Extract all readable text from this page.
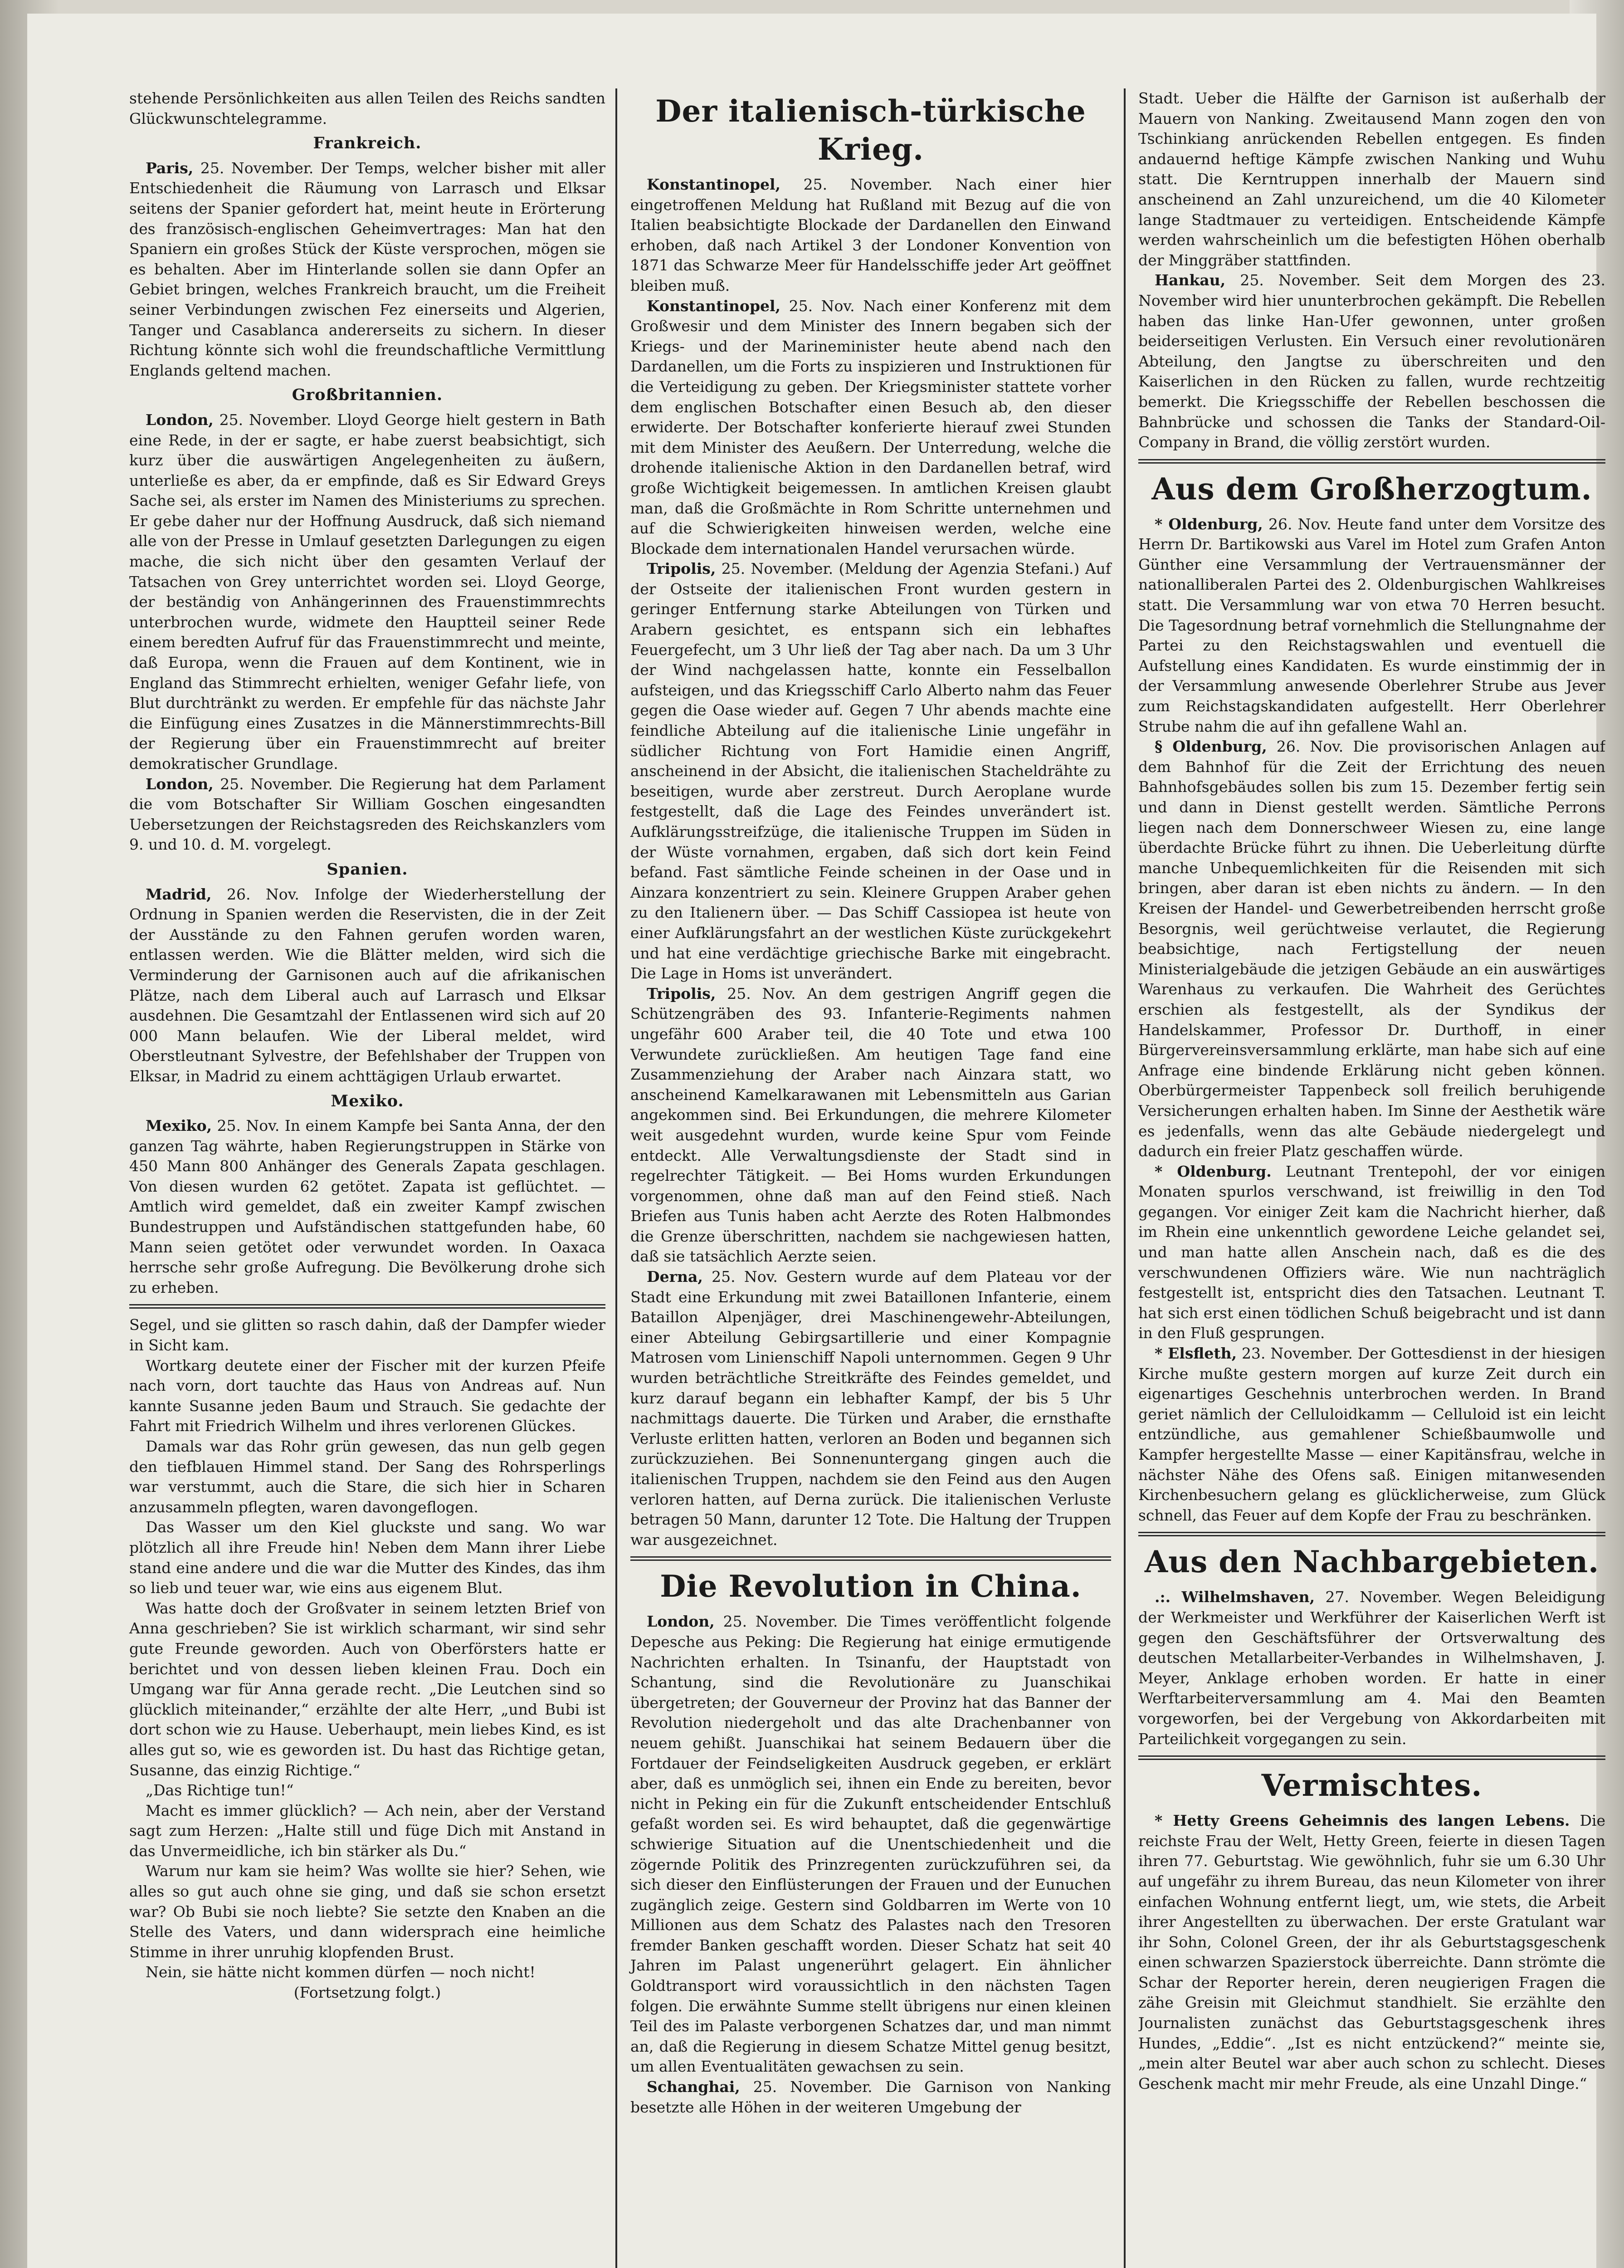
stehende Persönlichkeiten aus allen Teilen des Reichs sandten Glückwunschtelegramme.

Frankreich.

Paris, 25. November. Der Temps, welcher bisher mit aller Entschiedenheit die Räumung von Larrasch und Elksar seitens der Spanier gefordert hat, meint heute in Erörterung des französisch-englischen Geheimvertrages: Man hat den Spaniern ein großes Stück der Küste versprochen, mögen sie es behalten. Aber im Hinterlande sollen sie dann Opfer an Gebiet bringen, welches Frankreich braucht, um die Freiheit seiner Verbindungen zwischen Fez einerseits und Algerien, Tanger und Casablanca andererseits zu sichern. In dieser Richtung könnte sich wohl die freundschaftliche Vermittlung Englands geltend machen.

Großbritannien.

London, 25. November. Lloyd George hielt gestern in Bath eine Rede, in der er sagte, er habe zuerst beabsichtigt, sich kurz über die auswärtigen Angelegenheiten zu äußern, unterließe es aber, da er empfinde, daß es Sir Edward Greys Sache sei, als erster im Namen des Ministeriums zu sprechen. Er gebe daher nur der Hoffnung Ausdruck, daß sich niemand alle von der Presse in Umlauf gesetzten Darlegungen zu eigen mache, die sich nicht über den gesamten Verlauf der Tatsachen von Grey unterrichtet worden sei. Lloyd George, der beständig von Anhängerinnen des Frauenstimmrechts unterbrochen wurde, widmete den Hauptteil seiner Rede einem beredten Aufruf für das Frauenstimmrecht und meinte, daß Europa, wenn die Frauen auf dem Kontinent, wie in England das Stimmrecht erhielten, weniger Gefahr liefe, von Blut durchtränkt zu werden. Er empfehle für das nächste Jahr die Einfügung eines Zusatzes in die Männerstimmrechts-Bill der Regierung über ein Frauenstimmrecht auf breiter demokratischer Grundlage.

London, 25. November. Die Regierung hat dem Parlament die vom Botschafter Sir William Goschen eingesandten Uebersetzungen der Reichstagsreden des Reichskanzlers vom 9. und 10. d. M. vorgelegt.

Spanien.

Madrid, 26. Nov. Infolge der Wiederherstellung der Ordnung in Spanien werden die Reservisten, die in der Zeit der Ausstände zu den Fahnen gerufen worden waren, entlassen werden. Wie die Blätter melden, wird sich die Verminderung der Garnisonen auch auf die afrikanischen Plätze, nach dem Liberal auch auf Larrasch und Elksar ausdehnen. Die Gesamtzahl der Entlassenen wird sich auf 20 000 Mann belaufen. Wie der Liberal meldet, wird Oberstleutnant Sylvestre, der Befehlshaber der Truppen von Elksar, in Madrid zu einem achttägigen Urlaub erwartet.

Mexiko.

Mexiko, 25. Nov. In einem Kampfe bei Santa Anna, der den ganzen Tag währte, haben Regierungstruppen in Stärke von 450 Mann 800 Anhänger des Generals Zapata geschlagen. Von diesen wurden 62 getötet. Zapata ist geflüchtet. — Amtlich wird gemeldet, daß ein zweiter Kampf zwischen Bundestruppen und Aufständischen stattgefunden habe, 60 Mann seien getötet oder verwundet worden. In Oaxaca herrsche sehr große Aufregung. Die Bevölkerung drohe sich zu erheben.

Segel, und sie glitten so rasch dahin, daß der Dampfer wieder in Sicht kam.

Wortkarg deutete einer der Fischer mit der kurzen Pfeife nach vorn, dort tauchte das Haus von Andreas auf. Nun kannte Susanne jeden Baum und Strauch. Sie gedachte der Fahrt mit Friedrich Wilhelm und ihres verlorenen Glückes.

Damals war das Rohr grün gewesen, das nun gelb gegen den tiefblauen Himmel stand. Der Sang des Rohrsperlings war verstummt, auch die Stare, die sich hier in Scharen anzusammeln pflegten, waren davongeflogen.

Das Wasser um den Kiel gluckste und sang. Wo war plötzlich all ihre Freude hin! Neben dem Mann ihrer Liebe stand eine andere und die war die Mutter des Kindes, das ihm so lieb und teuer war, wie eins aus eigenem Blut.

Was hatte doch der Großvater in seinem letzten Brief von Anna geschrieben? Sie ist wirklich scharmant, wir sind sehr gute Freunde geworden. Auch von Oberförsters hatte er berichtet und von dessen lieben kleinen Frau. Doch ein Umgang war für Anna gerade recht. „Die Leutchen sind so glücklich miteinander,“ erzählte der alte Herr, „und Bubi ist dort schon wie zu Hause. Ueberhaupt, mein liebes Kind, es ist alles gut so, wie es geworden ist. Du hast das Richtige getan, Susanne, das einzig Richtige.“

„Das Richtige tun!“

Macht es immer glücklich? — Ach nein, aber der Verstand sagt zum Herzen: „Halte still und füge Dich mit Anstand in das Unvermeidliche, ich bin stärker als Du.“

Warum nur kam sie heim? Was wollte sie hier? Sehen, wie alles so gut auch ohne sie ging, und daß sie schon ersetzt war? Ob Bubi sie noch liebte? Sie setzte den Knaben an die Stelle des Vaters, und dann widersprach eine heimliche Stimme in ihrer unruhig klopfenden Brust.

Nein, sie hätte nicht kommen dürfen — noch nicht!

(Fortsetzung folgt.)

Der italienisch-türkische Krieg.

Konstantinopel, 25. November. Nach einer hier eingetroffenen Meldung hat Rußland mit Bezug auf die von Italien beabsichtigte Blockade der Dardanellen den Einwand erhoben, daß nach Artikel 3 der Londoner Konvention von 1871 das Schwarze Meer für Handelsschiffe jeder Art geöffnet bleiben muß.

Konstantinopel, 25. Nov. Nach einer Konferenz mit dem Großwesir und dem Minister des Innern begaben sich der Kriegs- und der Marineminister heute abend nach den Dardanellen, um die Forts zu inspizieren und Instruktionen für die Verteidigung zu geben. Der Kriegsminister stattete vorher dem englischen Botschafter einen Besuch ab, den dieser erwiderte. Der Botschafter konferierte hierauf zwei Stunden mit dem Minister des Aeußern. Der Unterredung, welche die drohende italienische Aktion in den Dardanellen betraf, wird große Wichtigkeit beigemessen. In amtlichen Kreisen glaubt man, daß die Großmächte in Rom Schritte unternehmen und auf die Schwierigkeiten hinweisen werden, welche eine Blockade dem internationalen Handel verursachen würde.

Tripolis, 25. November. (Meldung der Agenzia Stefani.) Auf der Ostseite der italienischen Front wurden gestern in geringer Entfernung starke Abteilungen von Türken und Arabern gesichtet, es entspann sich ein lebhaftes Feuergefecht, um 3 Uhr ließ der Tag aber nach. Da um 3 Uhr der Wind nachgelassen hatte, konnte ein Fesselballon aufsteigen, und das Kriegsschiff Carlo Alberto nahm das Feuer gegen die Oase wieder auf. Gegen 7 Uhr abends machte eine feindliche Abteilung auf die italienische Linie ungefähr in südlicher Richtung von Fort Hamidie einen Angriff, anscheinend in der Absicht, die italienischen Stacheldrähte zu beseitigen, wurde aber zerstreut. Durch Aeroplane wurde festgestellt, daß die Lage des Feindes unverändert ist. Aufklärungsstreifzüge, die italienische Truppen im Süden in der Wüste vornahmen, ergaben, daß sich dort kein Feind befand. Fast sämtliche Feinde scheinen in der Oase und in Ainzara konzentriert zu sein. Kleinere Gruppen Araber gehen zu den Italienern über. — Das Schiff Cassiopea ist heute von einer Aufklärungsfahrt an der westlichen Küste zurückgekehrt und hat eine verdächtige griechische Barke mit eingebracht. Die Lage in Homs ist unverändert.

Tripolis, 25. Nov. An dem gestrigen Angriff gegen die Schützengräben des 93. Infanterie-Regiments nahmen ungefähr 600 Araber teil, die 40 Tote und etwa 100 Verwundete zurückließen. Am heutigen Tage fand eine Zusammenziehung der Araber nach Ainzara statt, wo anscheinend Kamelkarawanen mit Lebensmitteln aus Garian angekommen sind. Bei Erkundungen, die mehrere Kilometer weit ausgedehnt wurden, wurde keine Spur vom Feinde entdeckt. Alle Verwaltungsdienste der Stadt sind in regelrechter Tätigkeit. — Bei Homs wurden Erkundungen vorgenommen, ohne daß man auf den Feind stieß. Nach Briefen aus Tunis haben acht Aerzte des Roten Halbmondes die Grenze überschritten, nachdem sie nachgewiesen hatten, daß sie tatsächlich Aerzte seien.

Derna, 25. Nov. Gestern wurde auf dem Plateau vor der Stadt eine Erkundung mit zwei Bataillonen Infanterie, einem Bataillon Alpenjäger, drei Maschinengewehr-Abteilungen, einer Abteilung Gebirgsartillerie und einer Kompagnie Matrosen vom Linienschiff Napoli unternommen. Gegen 9 Uhr wurden beträchtliche Streitkräfte des Feindes gemeldet, und kurz darauf begann ein lebhafter Kampf, der bis 5 Uhr nachmittags dauerte. Die Türken und Araber, die ernsthafte Verluste erlitten hatten, verloren an Boden und begannen sich zurückzuziehen. Bei Sonnenuntergang gingen auch die italienischen Truppen, nachdem sie den Feind aus den Augen verloren hatten, auf Derna zurück. Die italienischen Verluste betragen 50 Mann, darunter 12 Tote. Die Haltung der Truppen war ausgezeichnet.

Die Revolution in China.

London, 25. November. Die Times veröffentlicht folgende Depesche aus Peking: Die Regierung hat einige ermutigende Nachrichten erhalten. In Tsinanfu, der Hauptstadt von Schantung, sind die Revolutionäre zu Juanschikai übergetreten; der Gouverneur der Provinz hat das Banner der Revolution niedergeholt und das alte Drachenbanner von neuem gehißt. Juanschikai hat seinem Bedauern über die Fortdauer der Feindseligkeiten Ausdruck gegeben, er erklärt aber, daß es unmöglich sei, ihnen ein Ende zu bereiten, bevor nicht in Peking ein für die Zukunft entscheidender Entschluß gefaßt worden sei. Es wird behauptet, daß die gegenwärtige schwierige Situation auf die Unentschiedenheit und die zögernde Politik des Prinzregenten zurückzuführen sei, da sich dieser den Einflüsterungen der Frauen und der Eunuchen zugänglich zeige. Gestern sind Goldbarren im Werte von 10 Millionen aus dem Schatz des Palastes nach den Tresoren fremder Banken geschafft worden. Dieser Schatz hat seit 40 Jahren im Palast ungenerührt gelagert. Ein ähnlicher Goldtransport wird voraussichtlich in den nächsten Tagen folgen. Die erwähnte Summe stellt übrigens nur einen kleinen Teil des im Palaste verborgenen Schatzes dar, und man nimmt an, daß die Regierung in diesem Schatze Mittel genug besitzt, um allen Eventualitäten gewachsen zu sein.

Schanghai, 25. November. Die Garnison von Nanking besetzte alle Höhen in der weiteren Umgebung der

Stadt. Ueber die Hälfte der Garnison ist außerhalb der Mauern von Nanking. Zweitausend Mann zogen den von Tschinkiang anrückenden Rebellen entgegen. Es finden andauernd heftige Kämpfe zwischen Nanking und Wuhu statt. Die Kerntruppen innerhalb der Mauern sind anscheinend an Zahl unzureichend, um die 40 Kilometer lange Stadtmauer zu verteidigen. Entscheidende Kämpfe werden wahrscheinlich um die befestigten Höhen oberhalb der Minggräber stattfinden.

Hankau, 25. November. Seit dem Morgen des 23. November wird hier ununterbrochen gekämpft. Die Rebellen haben das linke Han-Ufer gewonnen, unter großen beiderseitigen Verlusten. Ein Versuch einer revolutionären Abteilung, den Jangtse zu überschreiten und den Kaiserlichen in den Rücken zu fallen, wurde rechtzeitig bemerkt. Die Kriegsschiffe der Rebellen beschossen die Bahnbrücke und schossen die Tanks der Standard-Oil-Company in Brand, die völlig zerstört wurden.

Aus dem Großherzogtum.

* Oldenburg, 26. Nov. Heute fand unter dem Vorsitze des Herrn Dr. Bartikowski aus Varel im Hotel zum Grafen Anton Günther eine Versammlung der Vertrauensmänner der nationalliberalen Partei des 2. Oldenburgischen Wahlkreises statt. Die Versammlung war von etwa 70 Herren besucht. Die Tagesordnung betraf vornehmlich die Stellungnahme der Partei zu den Reichstagswahlen und eventuell die Aufstellung eines Kandidaten. Es wurde einstimmig der in der Versammlung anwesende Oberlehrer Strube aus Jever zum Reichstagskandidaten aufgestellt. Herr Oberlehrer Strube nahm die auf ihn gefallene Wahl an.

§ Oldenburg, 26. Nov. Die provisorischen Anlagen auf dem Bahnhof für die Zeit der Errichtung des neuen Bahnhofsgebäudes sollen bis zum 15. Dezember fertig sein und dann in Dienst gestellt werden. Sämtliche Perrons liegen nach dem Donnerschweer Wiesen zu, eine lange überdachte Brücke führt zu ihnen. Die Ueberleitung dürfte manche Unbequemlichkeiten für die Reisenden mit sich bringen, aber daran ist eben nichts zu ändern. — In den Kreisen der Handel- und Gewerbetreibenden herrscht große Besorgnis, weil gerüchtweise verlautet, die Regierung beabsichtige, nach Fertigstellung der neuen Ministerialgebäude die jetzigen Gebäude an ein auswärtiges Warenhaus zu verkaufen. Die Wahrheit des Gerüchtes erschien als festgestellt, als der Syndikus der Handelskammer, Professor Dr. Durthoff, in einer Bürgervereinsversammlung erklärte, man habe sich auf eine Anfrage eine bindende Erklärung nicht geben können. Oberbürgermeister Tappenbeck soll freilich beruhigende Versicherungen erhalten haben. Im Sinne der Aesthetik wäre es jedenfalls, wenn das alte Gebäude niedergelegt und dadurch ein freier Platz geschaffen würde.

* Oldenburg. Leutnant Trentepohl, der vor einigen Monaten spurlos verschwand, ist freiwillig in den Tod gegangen. Vor einiger Zeit kam die Nachricht hierher, daß im Rhein eine unkenntlich gewordene Leiche gelandet sei, und man hatte allen Anschein nach, daß es die des verschwundenen Offiziers wäre. Wie nun nachträglich festgestellt ist, entspricht dies den Tatsachen. Leutnant T. hat sich erst einen tödlichen Schuß beigebracht und ist dann in den Fluß gesprungen.

* Elsfleth, 23. November. Der Gottesdienst in der hiesigen Kirche mußte gestern morgen auf kurze Zeit durch ein eigenartiges Geschehnis unterbrochen werden. In Brand geriet nämlich der Celluloidkamm — Celluloid ist ein leicht entzündliche, aus gemahlener Schießbaumwolle und Kampfer hergestellte Masse — einer Kapitänsfrau, welche in nächster Nähe des Ofens saß. Einigen mitanwesenden Kirchenbesuchern gelang es glücklicherweise, zum Glück schnell, das Feuer auf dem Kopfe der Frau zu beschränken.

Aus den Nachbargebieten.

.:. Wilhelmshaven, 27. November. Wegen Beleidigung der Werkmeister und Werkführer der Kaiserlichen Werft ist gegen den Geschäftsführer der Ortsverwaltung des deutschen Metallarbeiter-Verbandes in Wilhelmshaven, J. Meyer, Anklage erhoben worden. Er hatte in einer Werftarbeiterversammlung am 4. Mai den Beamten vorgeworfen, bei der Vergebung von Akkordarbeiten mit Parteilichkeit vorgegangen zu sein.

Vermischtes.

* Hetty Greens Geheimnis des langen Lebens. Die reichste Frau der Welt, Hetty Green, feierte in diesen Tagen ihren 77. Geburtstag. Wie gewöhnlich, fuhr sie um 6.30 Uhr auf ungefähr zu ihrem Bureau, das neun Kilometer von ihrer einfachen Wohnung entfernt liegt, um, wie stets, die Arbeit ihrer Angestellten zu überwachen. Der erste Gratulant war ihr Sohn, Colonel Green, der ihr als Geburtstagsgeschenk einen schwarzen Spazierstock überreichte. Dann strömte die Schar der Reporter herein, deren neugierigen Fragen die zähe Greisin mit Gleichmut standhielt. Sie erzählte den Journalisten zunächst das Geburtstagsgeschenk ihres Hundes, „Eddie“. „Ist es nicht entzückend?“ meinte sie, „mein alter Beutel war aber auch schon zu schlecht. Dieses Geschenk macht mir mehr Freude, als eine Unzahl Dinge.“
